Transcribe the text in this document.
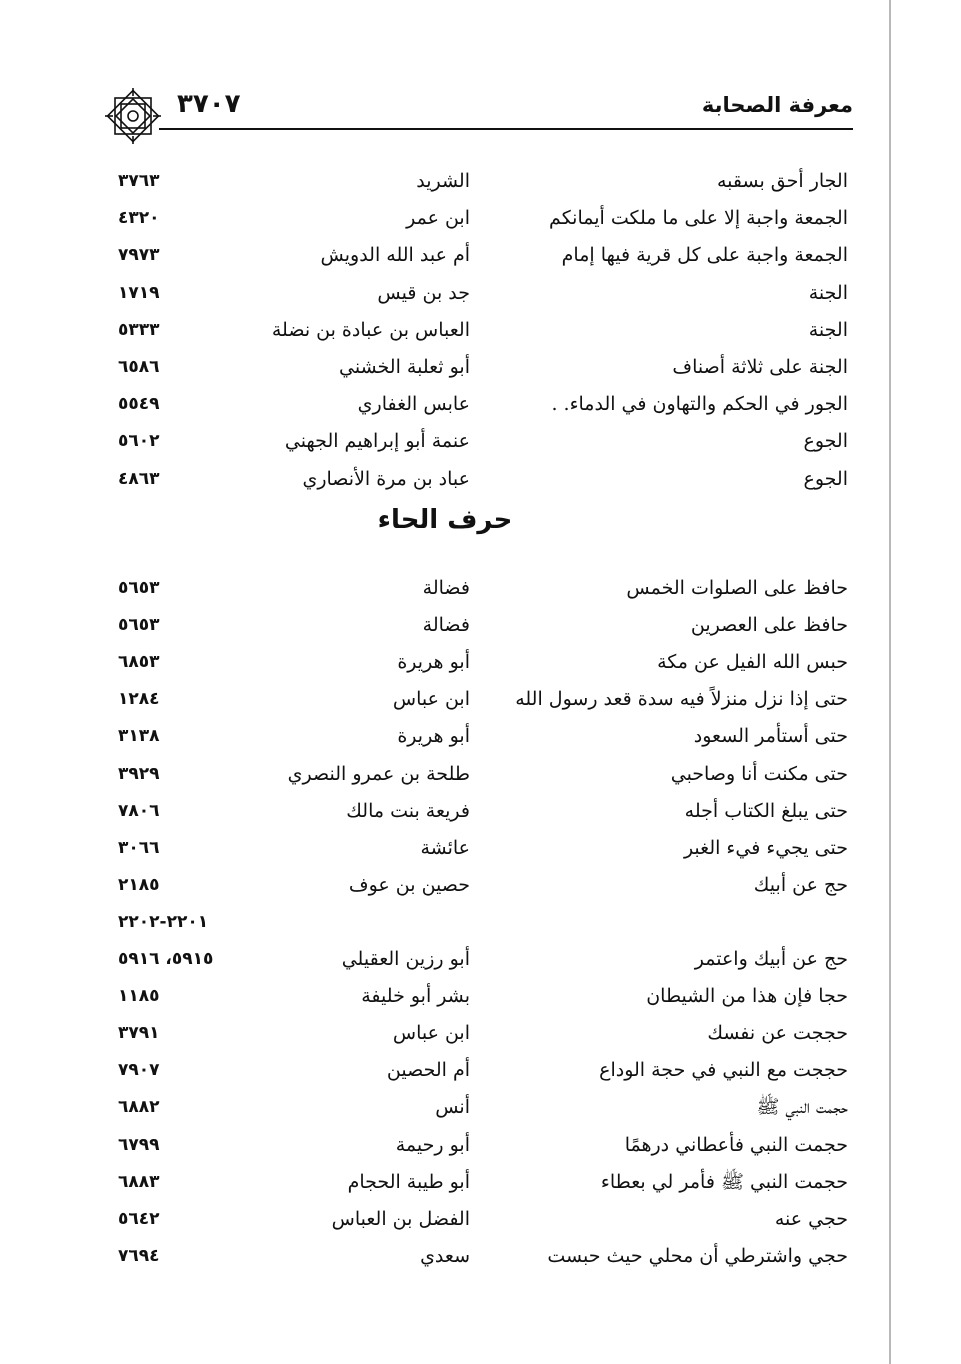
٣٧٠٧	معرفة الصحابة
الجار أحق بسقبه
الشريد
٣٧٦٣
الجمعة واجبة إلا على ما ملكت أيمانكم
ابن عمر
٤٣٢٠
الجمعة واجبة على كل قرية فيها إمام
أم عبد الله الدويش
٧٩٧٣
الجنة
جد بن قيس
١٧١٩
الجنة
العباس بن عبادة بن نضلة
٥٣٣٣
الجنة على ثلاثة أصناف
أبو ثعلبة الخشني
٦٥٨٦
الجور في الحكم والتهاون في الدماء. .
عابس الغفاري
٥٥٤٩
الجوع
عنمة أبو إبراهيم الجهني
٥٦٠٢
الجوع
عباد بن مرة الأنصاري
٤٨٦٣
حرف الحاء
حافظ على الصلوات الخمس
فضالة
٥٦٥٣
حافظ على العصرين
فضالة
٥٦٥٣
حبس الله الفيل عن مكة
أبو هريرة
٦٨٥٣
حتى إذا نزل منزلاً فيه سدة قعد رسول الله
ابن عباس
١٢٨٤
حتى أستأمر السعود
أبو هريرة
٣١٣٨
حتى مكنت أنا وصاحبي
طلحة بن عمرو النصري
٣٩٢٩
حتى يبلغ الكتاب أجله
فريعة بنت مالك
٧٨٠٦
حتى يجيء فيء الغبر
عائشة
٣٠٦٦
حج عن أبيك
حصين بن عوف
٢١٨٥
٢٢٠١-٢٢٠٢
حج عن أبيك واعتمر
أبو رزين العقيلي
٥٩١٥، ٥٩١٦
حجا فإن هذا من الشيطان
بشر أبو خليفة
١١٨٥
حججت عن نفسك
ابن عباس
٣٧٩١
حججت مع النبي في حجة الوداع
أم الحصين
٧٩٠٧
حجمت النبي ﷺ
أنس
٦٨٨٢
حجمت النبي فأعطاني درهمًا
أبو رحيمة
٦٧٩٩
حجمت النبي ﷺ فأمر لي بعطاء
أبو طيبة الحجام
٦٨٨٣
حجي عنه
الفضل بن العباس
٥٦٤٢
حجي واشترطي أن محلي حيث حبست
سعدي
٧٦٩٤
